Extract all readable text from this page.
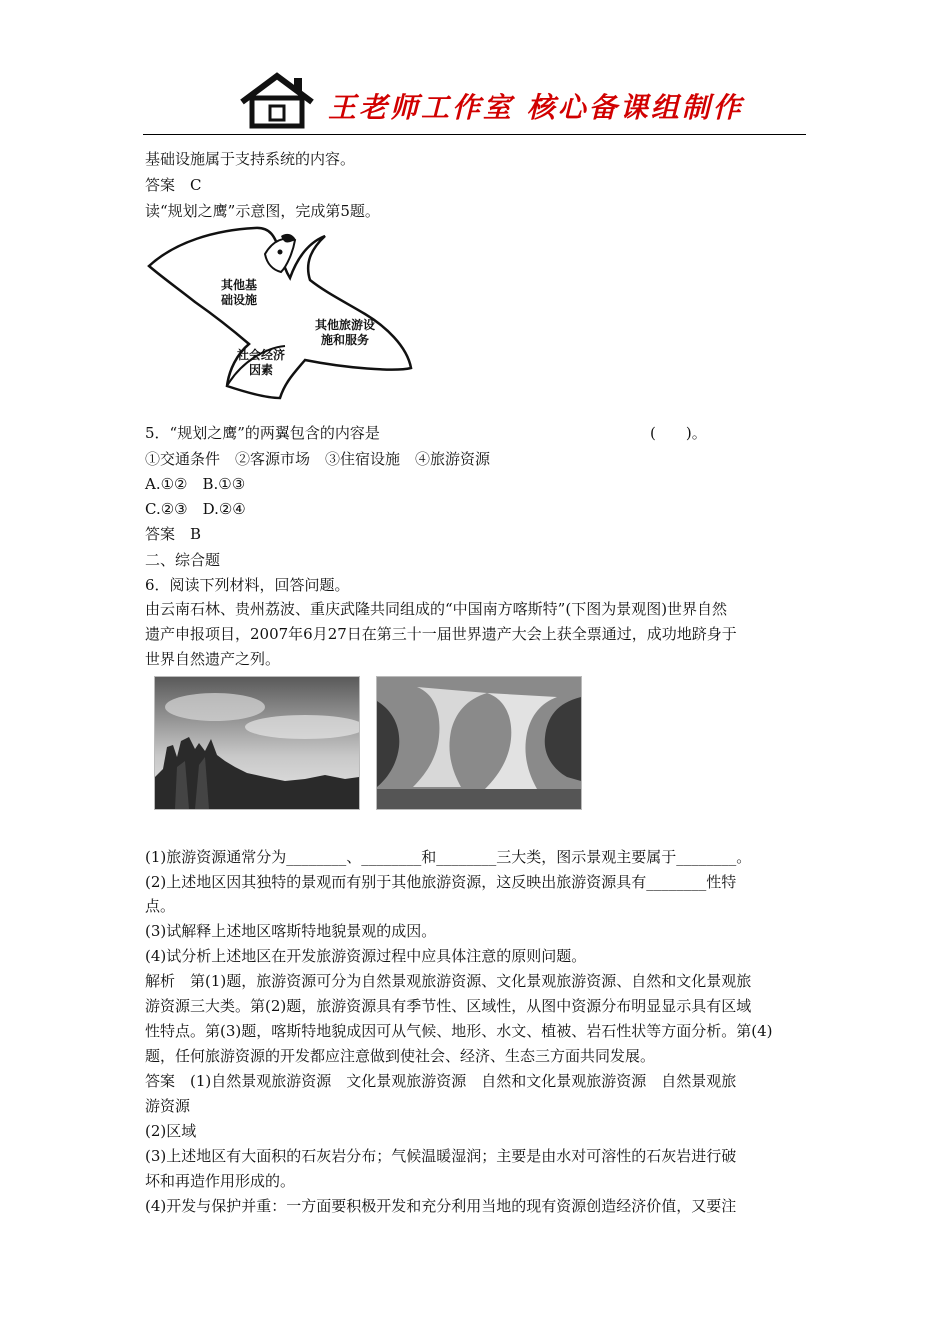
王老师工作室 核心备课组制作
基础设施属于支持系统的内容。
答案　C
读“规划之鹰”示意图，完成第5题。
其他基
础设施
其他旅游设
施和服务
社会经济
因素
5．“规划之鹰”的两翼包含的内容是	(　　)。
①交通条件　②客源市场　③住宿设施　④旅游资源
A.①②　B.①③
C.②③　D.②④
答案　B
二、综合题
6．阅读下列材料，回答问题。
由云南石林、贵州荔波、重庆武隆共同组成的“中国南方喀斯特”(下图为景观图)世界自然
遗产申报项目，2007年6月27日在第三十一届世界遗产大会上获全票通过，成功地跻身于
世界自然遗产之列。
(1)旅游资源通常分为________、________和________三大类，图示景观主要属于________。
(2)上述地区因其独特的景观而有别于其他旅游资源，这反映出旅游资源具有________性特
点。
(3)试解释上述地区喀斯特地貌景观的成因。
(4)试分析上述地区在开发旅游资源过程中应具体注意的原则问题。
解析　第(1)题，旅游资源可分为自然景观旅游资源、文化景观旅游资源、自然和文化景观旅
游资源三大类。第(2)题，旅游资源具有季节性、区域性，从图中资源分布明显显示具有区域
性特点。第(3)题，喀斯特地貌成因可从气候、地形、水文、植被、岩石性状等方面分析。第(4)
题，任何旅游资源的开发都应注意做到使社会、经济、生态三方面共同发展。
答案　(1)自然景观旅游资源　文化景观旅游资源　自然和文化景观旅游资源　自然景观旅
游资源
(2)区域
(3)上述地区有大面积的石灰岩分布；气候温暖湿润；主要是由水对可溶性的石灰岩进行破
坏和再造作用形成的。
(4)开发与保护并重：一方面要积极开发和充分利用当地的现有资源创造经济价值，又要注
